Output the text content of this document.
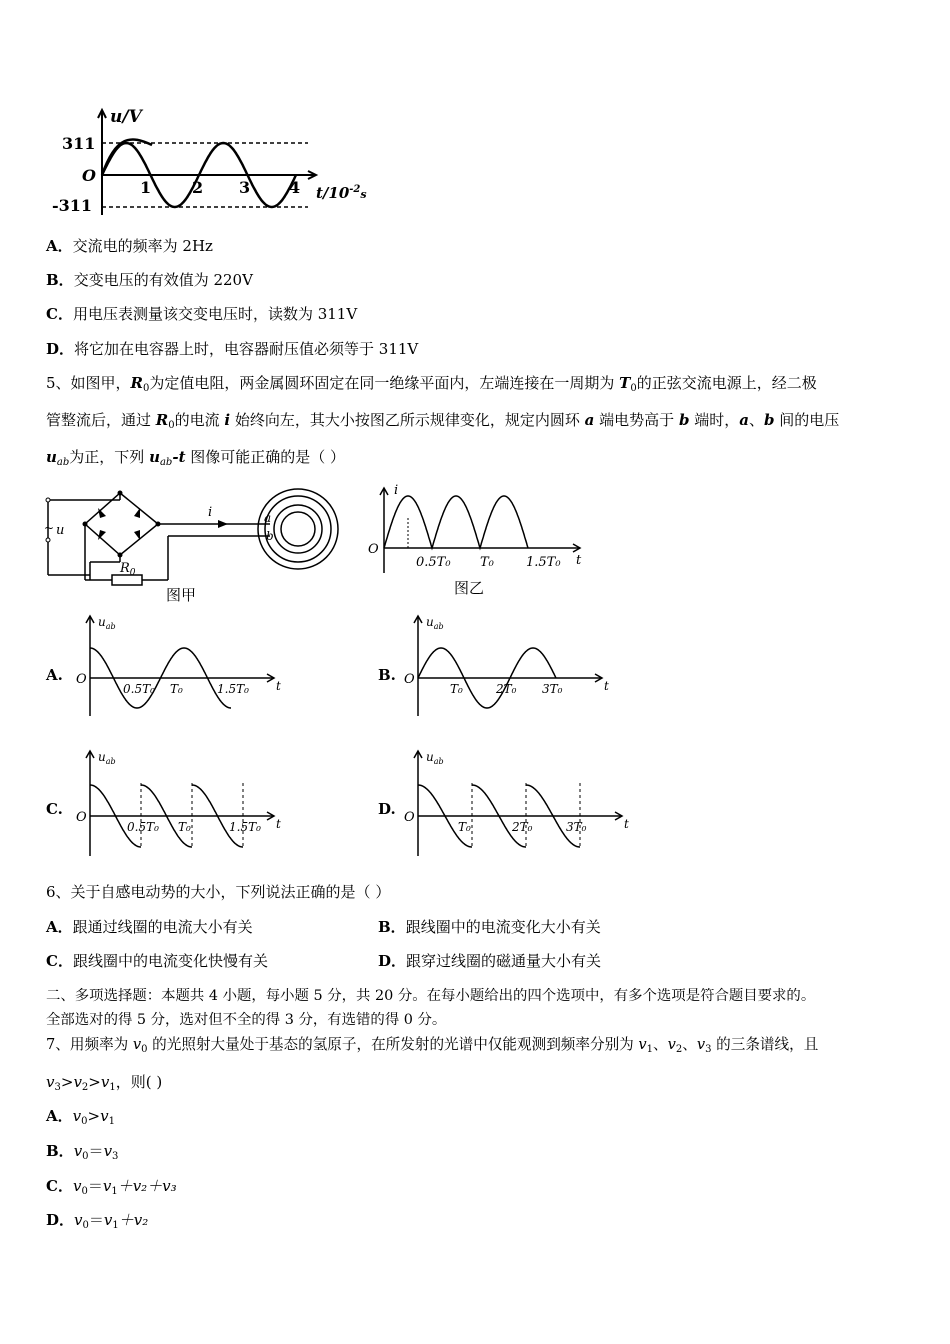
u/V
311
-311
O
1	2 3 4 $t/10^{-2}_s$
A．交流电的频率为 2Hz
B．交变电压的有效值为 220V
C．用电压表测量该交变电压时，读数为 311V
D．将它加在电容器上时，电容器耐压值必须等于 311V
5、如图甲，$R_0$为定值电阻，两金属圆环固定在同一绝缘平面内，左端连接在一周期为 $T_0$的正弦交流电源上，经二极
管整流后，通过 $R_0$的电流 i 始终向左，其大小按图乙所示规律变化，规定内圆环 a 端电势高于 b 端时，a、b 间的电压
$u_{ab}$为正，下列 $u_{ab}-t$ 图像可能正确的是（ ）
~ u
i
$R_0$
a
b
图甲
i
O
0.5T₀ T₀ 1.5T₀ t
图乙
A.
$u_{ab}$
O
0.5T₀ T₀	1.5T₀ t
B.
$u_{ab}$
O
T₀	2T₀ 3T₀	t
C.
$u_{ab}$
O
0.5T₀ T₀	1.5T₀ t
D.
$u_{ab}$
O
T₀	2T₀	3T₀	t
6、关于自感电动势的大小，下列说法正确的是（ ）
A．跟通过线圈的电流大小有关	B．跟线圈中的电流变化大小有关
C．跟线圈中的电流变化快慢有关	D．跟穿过线圈的磁通量大小有关
二、多项选择题：本题共 4 小题，每小题 5 分，共 20 分。在每小题给出的四个选项中，有多个选项是符合题目要求的。
全部选对的得 5 分，选对但不全的得 3 分，有选错的得 0 分。
7、用频率为 $v_0$ 的光照射大量处于基态的氢原子，在所发射的光谱中仅能观测到频率分别为 $v_1$、$v_2$、$v_3$ 的三条谱线，且
$v_3>v_2>v_1$，则( )
A．$v_0>v_1$
B．$v_0=v_3$
C．$v_0=v_1+v_2+v_3$
D．$v_0=v_1+v_2$
